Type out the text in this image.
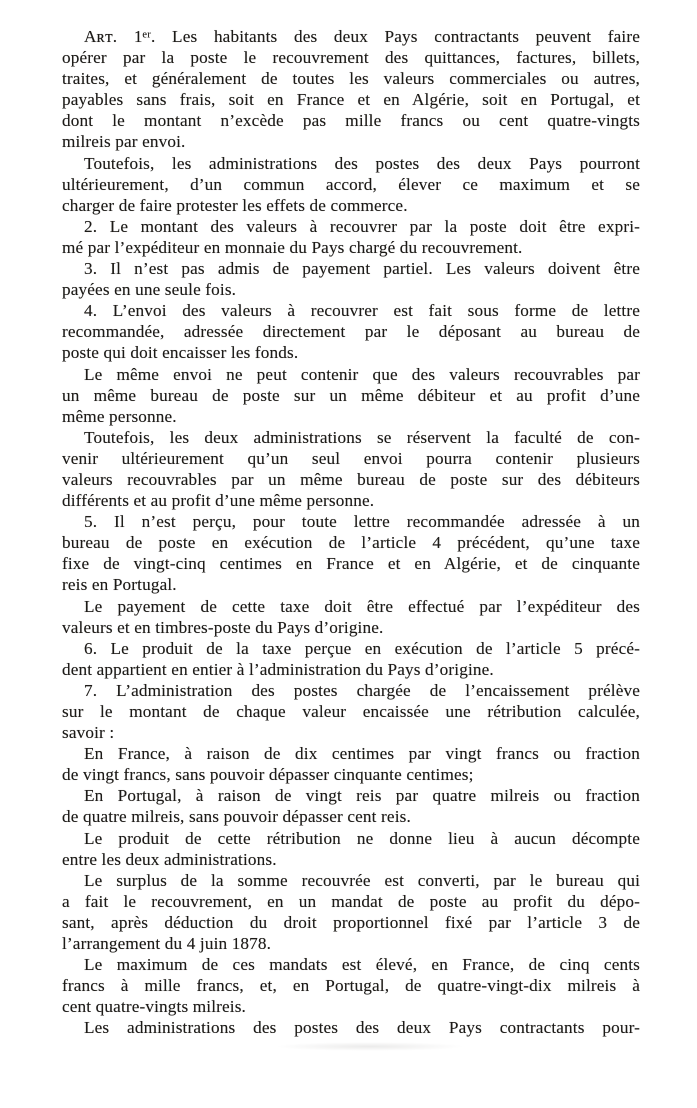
Aʀᴛ. 1ᵉʳ. Les habitants des deux Pays contractants peuvent faire
opérer par la poste le recouvrement des quittances, factures, billets,
traites, et généralement de toutes les valeurs commerciales ou autres,
payables sans frais, soit en France et en Algérie, soit en Portugal, et
dont le montant n’excède pas mille francs ou cent quatre-vingts
milreis par envoi.
Toutefois, les administrations des postes des deux Pays pourront
ultérieurement, d’un commun accord, élever ce maximum et se
charger de faire protester les effets de commerce.
2. Le montant des valeurs à recouvrer par la poste doit être expri-
mé par l’expéditeur en monnaie du Pays chargé du recouvrement.
3. Il n’est pas admis de payement partiel. Les valeurs doivent être
payées en une seule fois.
4. L’envoi des valeurs à recouvrer est fait sous forme de lettre
recommandée, adressée directement par le déposant au bureau de
poste qui doit encaisser les fonds.
Le même envoi ne peut contenir que des valeurs recouvrables par
un même bureau de poste sur un même débiteur et au profit d’une
même personne.
Toutefois, les deux administrations se réservent la faculté de con-
venir ultérieurement qu’un seul envoi pourra contenir plusieurs
valeurs recouvrables par un même bureau de poste sur des débiteurs
différents et au profit d’une même personne.
5. Il n’est perçu, pour toute lettre recommandée adressée à un
bureau de poste en exécution de l’article 4 précédent, qu’une taxe
fixe de vingt-cinq centimes en France et en Algérie, et de cinquante
reis en Portugal.
Le payement de cette taxe doit être effectué par l’expéditeur des
valeurs et en timbres-poste du Pays d’origine.
6. Le produit de la taxe perçue en exécution de l’article 5 précé-
dent appartient en entier à l’administration du Pays d’origine.
7. L’administration des postes chargée de l’encaissement prélève
sur le montant de chaque valeur encaissée une rétribution calculée,
savoir :
En France, à raison de dix centimes par vingt francs ou fraction
de vingt francs, sans pouvoir dépasser cinquante centimes;
En Portugal, à raison de vingt reis par quatre milreis ou fraction
de quatre milreis, sans pouvoir dépasser cent reis.
Le produit de cette rétribution ne donne lieu à aucun décompte
entre les deux administrations.
Le surplus de la somme recouvrée est converti, par le bureau qui
a fait le recouvrement, en un mandat de poste au profit du dépo-
sant, après déduction du droit proportionnel fixé par l’article 3 de
l’arrangement du 4 juin 1878.
Le maximum de ces mandats est élevé, en France, de cinq cents
francs à mille francs, et, en Portugal, de quatre-vingt-dix milreis à
cent quatre-vingts milreis.
Les administrations des postes des deux Pays contractants pour-
